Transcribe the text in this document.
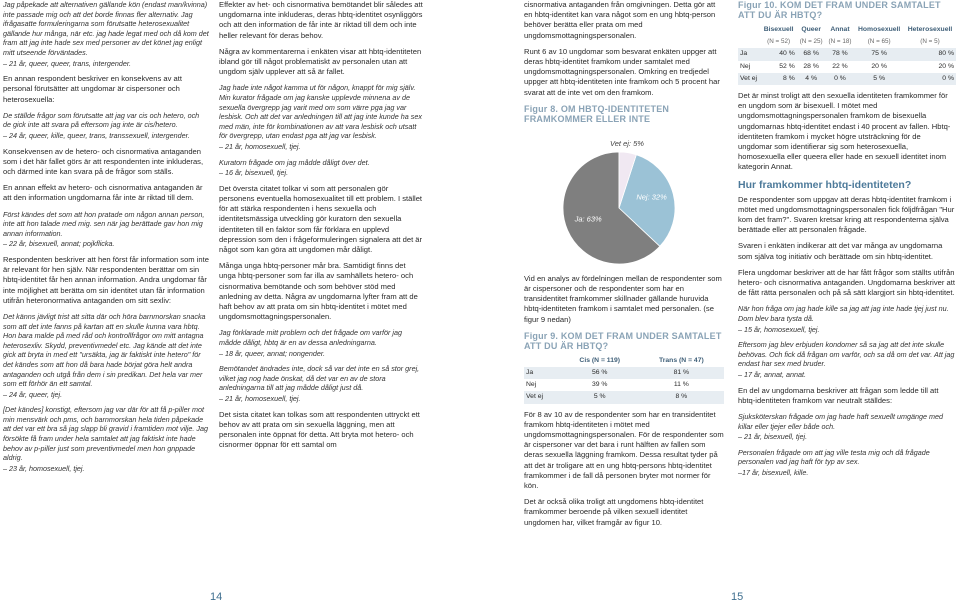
Jag påpekade att alternativen gällande kön (endast man/kvinna) inte passade mig och att det borde finnas fler alternativ. Jag ifrågasatte formuleringarna som förutsatte heterosexualitet gällande hur många, när etc. jag hade legat med och då kom det fram att jag inte hade sex med personer av det könet jag enligt mitt utseende förväntades.

– 21 år, queer, queer, trans, intergender.

En annan respondent beskriver en konsekvens av att personal förutsätter att ungdomar är cispersoner och heterosexuella:

De ställde frågor som förutsatte att jag var cis och hetero, och de gick inte att svara på eftersom jag inte är cis/hetero.

– 24 år, queer, kille, queer, trans, transsexuell, intergender.

Konsekvensen av de hetero- och cisnormativa antaganden som i det här fallet görs är att respondenten inte inkluderas, och därmed inte kan svara på de frågor som ställs.

En annan effekt av hetero- och cisnormativa antaganden är att den information ungdomarna får inte är riktad till dem.

Först kändes det som att hon pratade om någon annan person, inte att hon talade med mig. sen när jag berättade gav hon mig annan information.

– 22 år, bisexuell, annat; pojkflicka.

Respondenten beskriver att hen först får information som inte är relevant för hen själv. När respondenten berättar om sin hbtq-identitet får hen annan information. Andra ungdomar får inte möjlighet att berätta om sin identitet utan får information utifrån heteronormativa antaganden om sitt sexliv:

Det känns jävligt trist att sitta där och höra barnmorskan snacka som att det inte fanns på kartan att en skulle kunna vara hbtq. Hon bara malde på med råd och kontrollfrågor om mitt antagna heterosexliv. Skydd, preventivmedel etc. Jag kände att det inte gick att bryta in med ett "ursäkta, jag är faktiskt inte hetero" för det kändes som att hon då bara hade börjat göra helt andra antaganden och utgå från dem i sin predikan. Det hela var mer som ett förhör än ett samtal.

– 24 år, queer, tjej.

[Det kändes] konstigt, eftersom jag var där för att få p-piller mot min mensvärk och pms, och barnmorskan hela tiden påpekade att det var ett bra så jag slapp bli gravid i framtiden mot vilje. Jag försökte få fram under hela samtalet att jag faktiskt inte hade behov av p-piller just som preventivmedel men hon gnppade aldrig.

– 23 år, homosexuell, tjej.

Effekter av het- och cisnormativa bemötandet blir således att ungdomarna inte inkluderas, deras hbtq-identitet osynliggörs och att den information de får inte är riktad till dem och inte heller relevant för deras behov.

Några av kommentarerna i enkäten visar att hbtq-identiteten ibland gör till något problematiskt av personalen utan att ungdom själv upplever att så är fallet.

Jag hade inte något kamma ut för någon, knappt för mig själv. Min kurator frågade om jag kanske upplevde minnena av de sexuella övergrepp jag varit med om som värre pga jag var lesbisk. Och att det var anledningen till att jag inte kunde ha sex med män, inte för kombinationen av att vara lesbisk och utsatt för övergrepp, utan endast pga att jag var lesbisk.

– 21 år, homosexuell, tjej.

Kuratorn frågade om jag mådde dåligt över det.

– 16 år, bisexuell, tjej.

Det översta citatet tolkar vi som att personalen gör personens eventuella homosexualitet till ett problem. I stället för att stärka respondenten i hens sexuella och identitetsmässiga utveckling gör kuratorn den sexuella identiteten till en faktor som får förklara en upplevd depression som den i frågeformuleringen signalera att det är något som kan göra att ungdomen mår dåligt.

Många unga hbtq-personer mår bra. Samtidigt finns det unga hbtq-personer som far illa av samhällets hetero- och cisnormativa bemötande och som behöver stöd med anledning av detta. Några av ungdomarna lyfter fram att de haft behov av att prata om sin hbtq-identitet i mötet med ungdomsmottagningspersonalen.

Jag förklarade mitt problem och det frågade om varför jag mådde dåligt, hbtq är en av dessa anledningarna.

– 18 år, queer, annat; nongender.

Bemötandet ändrades inte, dock så var det inte en så stor grej, vilket jag nog hade önskat, då det var en av de stora anledningarna till att jag mådde dåligt just då.

– 21 år, homosexuell, tjej.

Det sista citatet kan tolkas som att respondenten uttryckt ett behov av att prata om sin sexuella läggning, men att personalen inte öppnat för detta. Att bryta mot hetero- och cisnormer öppnar för ett samtal om

cisnormativa antaganden från omgivningen. Detta gör att en hbtq-identitet kan vara något som en ung hbtq-person behöver berätta eller prata om med ungdomsmottagningspersonalen.

Runt 6 av 10 ungdomar som besvarat enkäten uppger att deras hbtq-identitet framkom under samtalet med ungdomsmottagningspersonalen. Omkring en tredjedel uppger att hbtq-identiteten inte framkom och 5 procent har svarat att de inte vet om den framkom.

Figur 8. OM HBTQ-IDENTITETEN FRAMKOMMER ELLER INTE
Ja: 63%
Nej: 32%
Vet ej: 5%

Vid en analys av fördelningen mellan de respondenter som är cispersoner och de respondenter som har en transidentitet framkommer skillnader gällande huruvida hbtq-identiteten framkom i samtalet med personalen. (se figur 9 nedan)

Figur 9. KOM DET FRAM UNDER SAMTALET ATT DU ÄR HBTQ?
	Cis (N = 119)	Trans (N = 47)
Ja	56 %	81 %
Nej	39 %	11 %
Vet ej	5 %	8 %

För 8 av 10 av de respondenter som har en transidentitet framkom hbtq-identiteten i mötet med ungdomsmottagningspersonalen. För de respondenter som är cispersoner var det bara i runt hälften av fallen som deras sexuella läggning framkom. Dessa resultat tyder på att det är troligare att en ung hbtq-persons hbtq-identitet framkommer i de fall då personen bryter mot normer för kön.

Det är också olika troligt att ungdomens hbtq-identitet framkommer beroende på vilken sexuell identitet ungdomen har, vilket framgår av figur 10.

Figur 10. KOM DET FRAM UNDER SAMTALET ATT DU ÄR HBTQ?
	Bisexuell	Queer	Annat	Homosexuell	Heterosexuell
	(N = 52)	(N = 25)	(N = 18)	(N = 65)	(N = 5)
Ja	40 %	68 %	78 %	75 %	80 %
Nej	52 %	28 %	22 %	20 %	20 %
Vet ej	8 %	4 %	0 %	5 %	0 %

Det är minst troligt att den sexuella identiteten framkommer för en ungdom som är bisexuell. I mötet med ungdomsmottagningspersonalen framkom de bisexuella ungdomarnas hbtq-identitet endast i 40 procent av fallen. Hbtq-identiteten framkom i mycket högre utsträckning för de ungdomar som identifierar sig som heterosexuella, homosexuella eller queera eller hade en sexuell identitet inom kategorin Annat.

Hur framkommer hbtq-identiteten?

De respondenter som uppgav att deras hbtq-identitet framkom i mötet med ungdomsmottagningspersonalen fick följdfrågan "Hur kom det fram?". Svaren kretsar kring att respondenterna själva berättade eller att personalen frågade.

Svaren i enkäten indikerar att det var många av ungdomarna som själva tog initiativ och berättade om sin hbtq-identitet.

Flera ungdomar beskriver att de har fått frågor som ställts utifrån hetero- och cisnormativa antaganden. Ungdomarna beskriver att de fått rätta personalen och på så sätt klargjort sin hbtq-identitet.

När hon fråga om jag hade kille sa jag att jag inte hade tjej just nu. Dom blev bara tysta då.

– 15 år, homosexuell, tjej.

Eftersom jag blev erbjuden kondomer så sa jag att det inte skulle behövas. Och fick då frågan om varför, och sa då om det var. Att jag endast har sex med bruder.

– 17 år, annat, annat.

En del av ungdomarna beskriver att frågan som ledde till att hbtq-identiteten framkom var neutralt ställdes:

Sjuksköterskan frågade om jag hade haft sexuellt umgänge med killar eller tjejer eller både och.

– 21 år, bisexuell, tjej.

Personalen frågade om att jag ville testa mig och då frågade personalen vad jag haft för typ av sex.

–17 år, bisexuell, kille.

14	15
